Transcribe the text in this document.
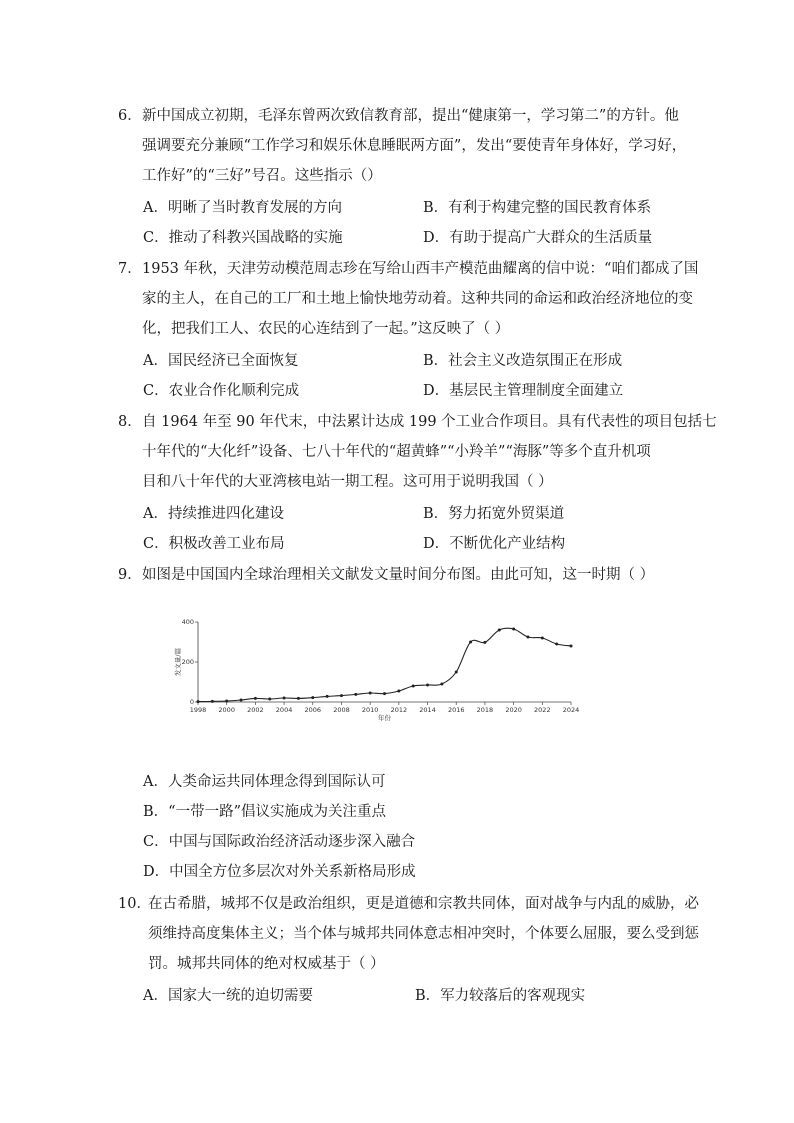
6． 新中国成立初期，毛泽东曾两次致信教育部，提出“健康第一，学习第二”的方针。他
强调要充分兼顾“工作学习和娱乐休息睡眠两方面”，发出“要使青年身体好，学习好，
工作好”的“三好”号召。这些指示（）
A．明晰了当时教育发展的方向	B．有利于构建完整的国民教育体系
C．推动了科教兴国战略的实施	D．有助于提高广大群众的生活质量
7． 1953 年秋，天津劳动模范周志珍在写给山西丰产模范曲耀离的信中说：“咱们都成了国
家的主人，在自己的工厂和土地上愉快地劳动着。这种共同的命运和政治经济地位的变
化，把我们工人、农民的心连结到了一起。”这反映了（ ）
A．国民经济已全面恢复	B．社会主义改造氛围正在形成
C．农业合作化顺利完成	D．基层民主管理制度全面建立
8． 自 1964 年至 90 年代末，中法累计达成 199 个工业合作项目。具有代表性的项目包括七
十年代的“大化纤”设备、七八十年代的“超黄蜂”“小羚羊”“海豚”等多个直升机项
目和八十年代的大亚湾核电站一期工程。这可用于说明我国（ ）
A．持续推进四化建设	B．努力拓宽外贸渠道
C．积极改善工业布局	D．不断优化产业结构
9． 如图是中国国内全球治理相关文献发文量时间分布图。由此可知，这一时期（ ）
0
200
400
1998 2000 2002 2004 2006 2008 2010 2012 2014 2016 2018 2020 2022 2024
年份
发文量/篇
A．人类命运共同体理念得到国际认可
B．“一带一路”倡议实施成为关注重点
C．中国与国际政治经济活动逐步深入融合
D．中国全方位多层次对外关系新格局形成
10．
在古希腊，城邦不仅是政治组织，更是道德和宗教共同体，面对战争与内乱的威胁，必
须维持高度集体主义；当个体与城邦共同体意志相冲突时，个体要么屈服，要么受到惩
罚。城邦共同体的绝对权威基于（ ）
A．国家大一统的迫切需要	B．军力较落后的客观现实
